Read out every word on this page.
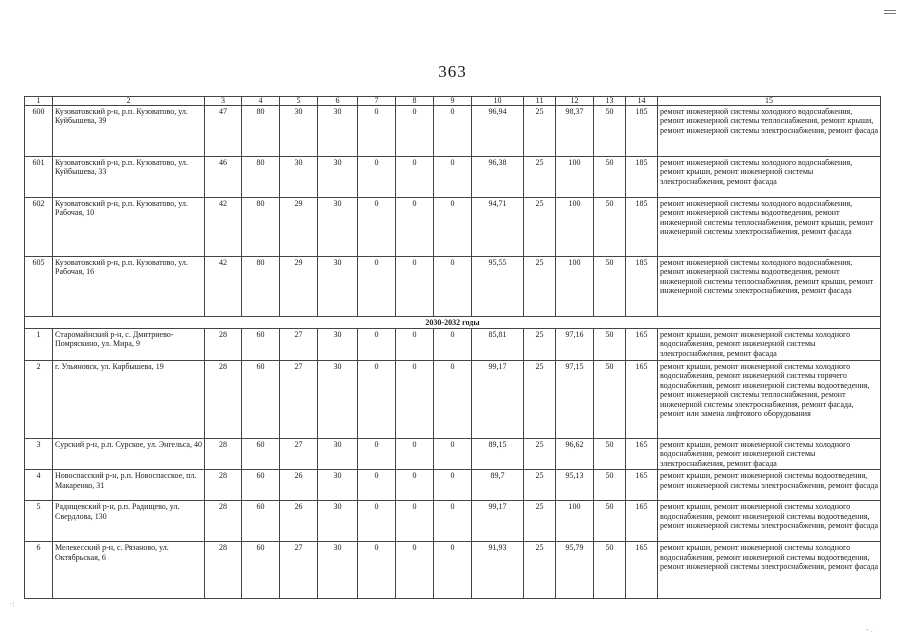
363
1	2	3	4	5	6	7	8	9	10	11	12	13	14	15
600	Кузоватовский р-н, р.п. Кузоватово, ул. Куйбышева, 39	47	80	30	30	0	0	0	96,94	25	98,37	50	185	ремонт инженерной системы холодного водоснабжения, ремонт инженерной системы теплоснабжения, ремонт крыши, ремонт инженерной системы электроснабжения, ремонт фасада
601	Кузоватовский р-н, р.п. Кузоватово, ул. Куйбышева, 33	46	80	30	30	0	0	0	96,38	25	100	50	185	ремонт инженерной системы холодного водоснабжения, ремонт крыши, ремонт инженерной системы электроснабжения, ремонт фасада
602	Кузоватовский р-н, р.п. Кузоватово, ул. Рабочая, 10	42	80	29	30	0	0	0	94,71	25	100	50	185	ремонт инженерной системы холодного водоснабжения, ремонт инженерной системы водоотведения, ремонт инженерной системы теплоснабжения, ремонт крыши, ремонт инженерной системы электроснабжения, ремонт фасада
605	Кузоватовский р-н, р.п. Кузоватово, ул. Рабочая, 16	42	80	29	30	0	0	0	95,55	25	100	50	185	ремонт инженерной системы холодного водоснабжения, ремонт инженерной системы водоотведения, ремонт инженерной системы теплоснабжения, ремонт крыши, ремонт инженерной системы электроснабжения, ремонт фасада
2030-2032 годы														
1	Старомайнский р-н, с. Дмитриево-Помряскино, ул. Мира, 9	28	60	27	30	0	0	0	85,81	25	97,16	50	165	ремонт крыши, ремонт инженерной системы холодного водоснабжения, ремонт инженерной системы электроснабжения, ремонт фасада
2	г. Ульяновск, ул. Карбышева, 19	28	60	27	30	0	0	0	99,17	25	97,15	50	165	ремонт крыши, ремонт инженерной системы холодного водоснабжения, ремонт инженерной системы горячего водоснабжения, ремонт инженерной системы водоотведения, ремонт инженерной системы теплоснабжения, ремонт инженерной системы электроснабжения, ремонт фасада, ремонт или замена лифтового оборудования
3	Сурский р-н, р.п. Сурское, ул. Энгельса, 40	28	60	27	30	0	0	0	89,15	25	96,62	50	165	ремонт крыши, ремонт инженерной системы холодного водоснабжения, ремонт инженерной системы электроснабжения, ремонт фасада
4	Новоспасский р-н, р.п. Новоспасское, пл. Макаренко, 31	28	60	26	30	0	0	0	89,7	25	95,13	50	165	ремонт крыши, ремонт инженерной системы водоотведения, ремонт инженерной системы электроснабжения, ремонт фасада
5	Радищевский р-н, р.п. Радищево, ул. Свердлова, 130	28	60	26	30	0	0	0	99,17	25	100	50	165	ремонт крыши, ремонт инженерной системы холодного водоснабжения, ремонт инженерной системы водоотведения, ремонт инженерной системы электроснабжения, ремонт фасада
6	Мелекесский р-н, с. Рязаново, ул. Октябрьская, 6	28	60	27	30	0	0	0	91,93	25	95,79	50	165	ремонт крыши, ремонт инженерной системы холодного водоснабжения, ремонт инженерной системы водоотведения, ремонт инженерной системы электроснабжения, ремонт фасада
·:
- .
